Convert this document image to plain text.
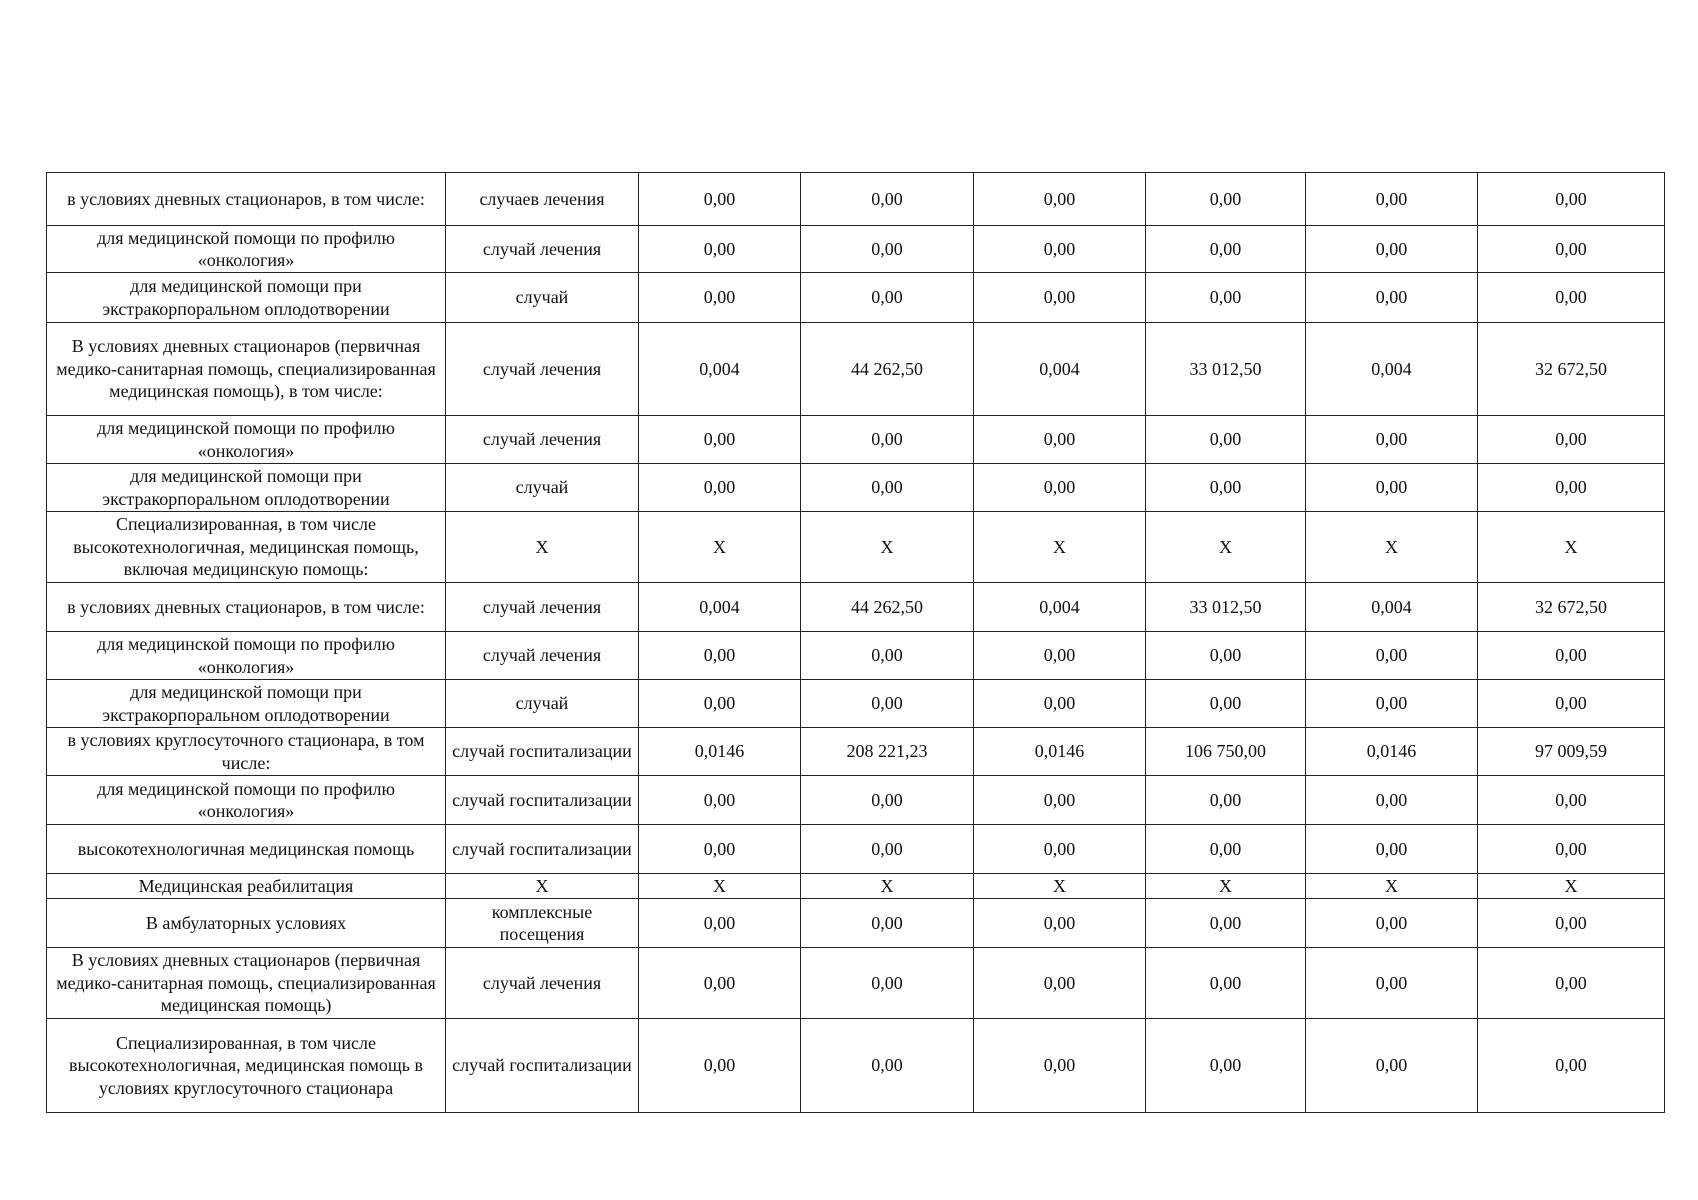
в условиях дневных стационаров, в том числе:	случаев лечения	0,00	0,00	0,00	0,00	0,00	0,00
для медицинской помощи по профилю «онкология»	случай лечения	0,00	0,00	0,00	0,00	0,00	0,00
для медицинской помощи при экстракорпоральном оплодотворении	случай	0,00	0,00	0,00	0,00	0,00	0,00
В условиях дневных стационаров (первичная медико-санитарная помощь, специализированная медицинская помощь), в том числе:	случай лечения	0,004	44 262,50	0,004	33 012,50	0,004	32 672,50
для медицинской помощи по профилю «онкология»	случай лечения	0,00	0,00	0,00	0,00	0,00	0,00
для медицинской помощи при экстракорпоральном оплодотворении	случай	0,00	0,00	0,00	0,00	0,00	0,00
Специализированная, в том числе высокотехнологичная, медицинская помощь, включая медицинскую помощь:	X	X	X	X	X	X	X
в условиях дневных стационаров, в том числе:	случай лечения	0,004	44 262,50	0,004	33 012,50	0,004	32 672,50
для медицинской помощи по профилю «онкология»	случай лечения	0,00	0,00	0,00	0,00	0,00	0,00
для медицинской помощи при экстракорпоральном оплодотворении	случай	0,00	0,00	0,00	0,00	0,00	0,00
в условиях круглосуточного стационара, в том числе:	случай госпитализации	0,0146	208 221,23	0,0146	106 750,00	0,0146	97 009,59
для медицинской помощи по профилю «онкология»	случай госпитализации	0,00	0,00	0,00	0,00	0,00	0,00
высокотехнологичная медицинская помощь	случай госпитализации	0,00	0,00	0,00	0,00	0,00	0,00
Медицинская реабилитация	X	X	X	X	X	X	X
В амбулаторных условиях	комплексные посещения	0,00	0,00	0,00	0,00	0,00	0,00
В условиях дневных стационаров (первичная медико-санитарная помощь, специализированная медицинская помощь)	случай лечения	0,00	0,00	0,00	0,00	0,00	0,00
Специализированная, в том числе высокотехнологичная, медицинская помощь в условиях круглосуточного стационара	случай госпитализации	0,00	0,00	0,00	0,00	0,00	0,00
